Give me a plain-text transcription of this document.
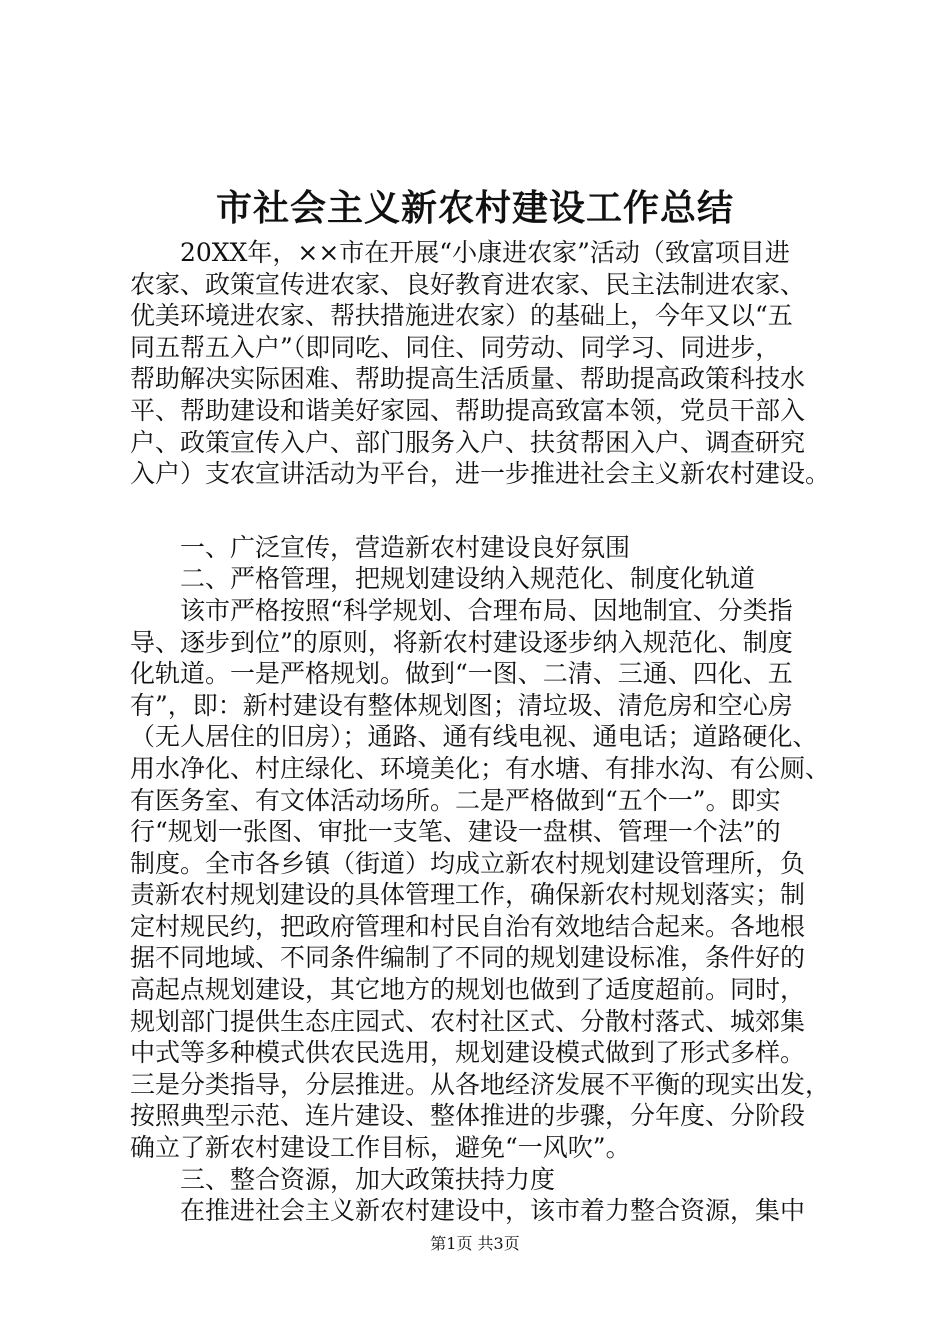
市社会主义新农村建设工作总结
20XX年，××市在开展“小康进农家”活动（致富项目进
农家、政策宣传进农家、良好教育进农家、民主法制进农家、
优美环境进农家、帮扶措施进农家）的基础上，今年又以“五
同五帮五入户”（即同吃、同住、同劳动、同学习、同进步，
帮助解决实际困难、帮助提高生活质量、帮助提高政策科技水
平、帮助建设和谐美好家园、帮助提高致富本领，党员干部入
户、政策宣传入户、部门服务入户、扶贫帮困入户、调查研究
入户）支农宣讲活动为平台，进一步推进社会主义新农村建设。
一、广泛宣传，营造新农村建设良好氛围
二、严格管理，把规划建设纳入规范化、制度化轨道
该市严格按照“科学规划、合理布局、因地制宜、分类指
导、逐步到位”的原则，将新农村建设逐步纳入规范化、制度
化轨道。一是严格规划。做到“一图、二清、三通、四化、五
有”，即：新村建设有整体规划图；清垃圾、清危房和空心房
（无人居住的旧房）；通路、通有线电视、通电话；道路硬化、
用水净化、村庄绿化、环境美化；有水塘、有排水沟、有公厕、
有医务室、有文体活动场所。二是严格做到“五个一”。即实
行“规划一张图、审批一支笔、建设一盘棋、管理一个法”的
制度。全市各乡镇（街道）均成立新农村规划建设管理所，负
责新农村规划建设的具体管理工作，确保新农村规划落实；制
定村规民约，把政府管理和村民自治有效地结合起来。各地根
据不同地域、不同条件编制了不同的规划建设标准，条件好的
高起点规划建设，其它地方的规划也做到了适度超前。同时，
规划部门提供生态庄园式、农村社区式、分散村落式、城郊集
中式等多种模式供农民选用，规划建设模式做到了形式多样。
三是分类指导，分层推进。从各地经济发展不平衡的现实出发，
按照典型示范、连片建设、整体推进的步骤，分年度、分阶段
确立了新农村建设工作目标，避免“一风吹”。
三、整合资源，加大政策扶持力度
在推进社会主义新农村建设中，该市着力整合资源，集中
第1页 共3页
